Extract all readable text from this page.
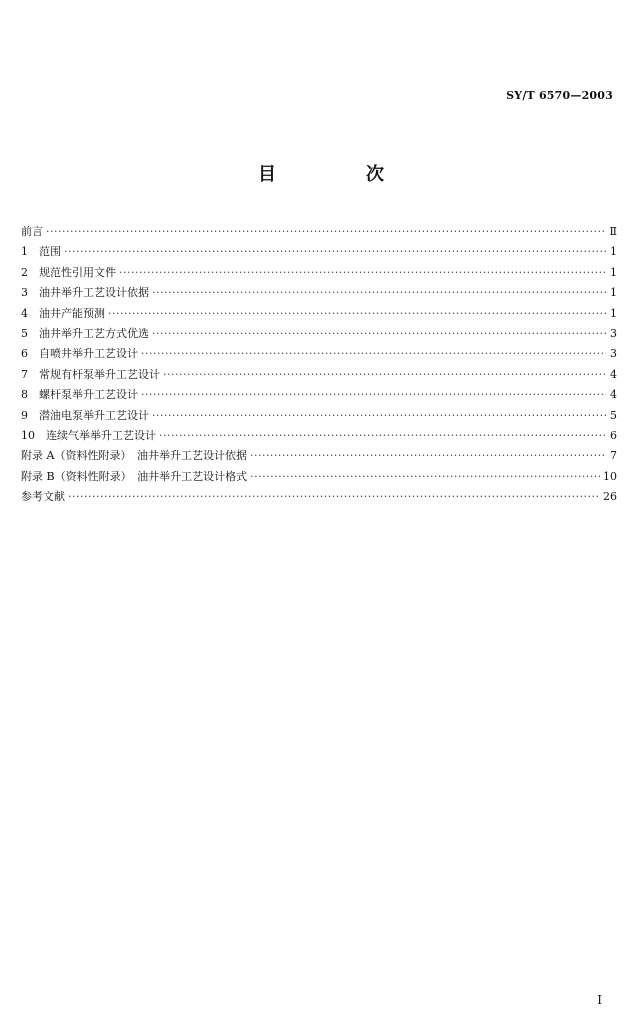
SY/T 6570—2003
目　次
前言 ·····	Ⅱ
1　范围 ·····	1
2　规范性引用文件 ·····	1
3　油井举升工艺设计依据 ·····	1
4　油井产能预测 ·····	1
5　油井举升工艺方式优选 ·····	3
6　自喷井举升工艺设计 ·····	3
7　常规有杆泵举升工艺设计 ·····	4
8　螺杆泵举升工艺设计 ·····	4
9　潜油电泵举升工艺设计 ·····	5
10　连续气举举升工艺设计 ·····	6
附录 A（资料性附录）　油井举升工艺设计依据 ·····	7
附录 B（资料性附录）　油井举升工艺设计格式 ·····	10
参考文献 ·····	26
Ⅰ
